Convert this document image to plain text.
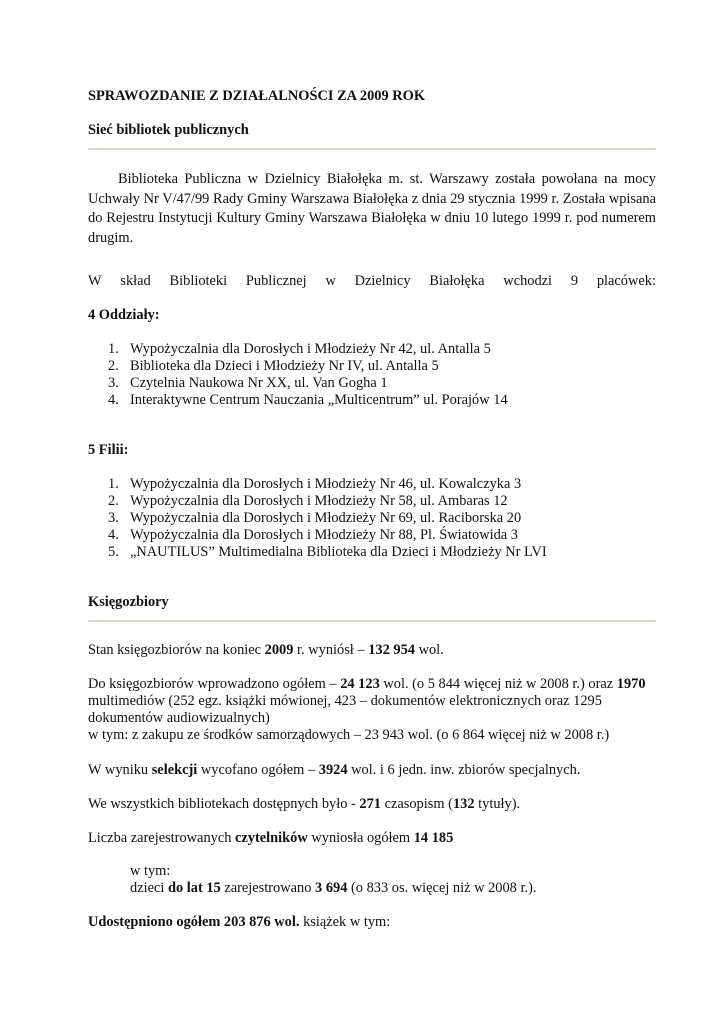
SPRAWOZDANIE Z DZIAŁALNOŚCI ZA 2009 ROK
Sieć bibliotek publicznych
Biblioteka Publiczna w Dzielnicy Białołęka m. st. Warszawy została powołana na mocy Uchwały Nr V/47/99 Rady Gminy Warszawa Białołęka z dnia 29 stycznia 1999 r. Została wpisana do Rejestru Instytucji Kultury Gminy Warszawa Białołęka w dniu 10 lutego 1999 r. pod numerem drugim.
W skład Biblioteki Publicznej w Dzielnicy Białołęka wchodzi 9 placówek:
4 Oddziały:
1. Wypożyczalnia dla Dorosłych i Młodzieży Nr 42, ul. Antalla 5
2. Biblioteka dla Dzieci i Młodzieży Nr IV, ul. Antalla 5
3. Czytelnia Naukowa Nr XX, ul. Van Gogha 1
4. Interaktywne Centrum Nauczania „Multicentrum” ul. Porajów 14
5 Filii:
1. Wypożyczalnia dla Dorosłych i Młodzieży Nr 46, ul. Kowalczyka 3
2. Wypożyczalnia dla Dorosłych i Młodzieży Nr 58, ul. Ambaras 12
3. Wypożyczalnia dla Dorosłych i Młodzieży Nr 69, ul. Raciborska 20
4. Wypożyczalnia dla Dorosłych i Młodzieży Nr 88, Pl. Światowida 3
5. „NAUTILUS” Multimedialna Biblioteka dla Dzieci i Młodzieży Nr LVI
Księgozbiory
Stan księgozbiorów na koniec 2009 r. wyniósł – 132 954 wol.
Do księgozbiorów wprowadzono ogółem – 24 123 wol. (o 5 844 więcej niż w 2008 r.) oraz 1970
multimediów (252 egz. książki mówionej, 423 – dokumentów elektronicznych oraz 1295
dokumentów audiowizualnych)
w tym: z zakupu ze środków samorządowych – 23 943 wol. (o 6 864 więcej niż w 2008 r.)
W wyniku selekcji wycofano ogółem – 3924 wol. i 6 jedn. inw. zbiorów specjalnych.
We wszystkich bibliotekach dostępnych było - 271 czasopism (132 tytuły).
Liczba zarejestrowanych czytelników wyniosła ogółem 14 185
w tym:
dzieci do lat 15 zarejestrowano 3 694 (o 833 os. więcej niż w 2008 r.).
Udostępniono ogółem 203 876 wol. książek w tym:
